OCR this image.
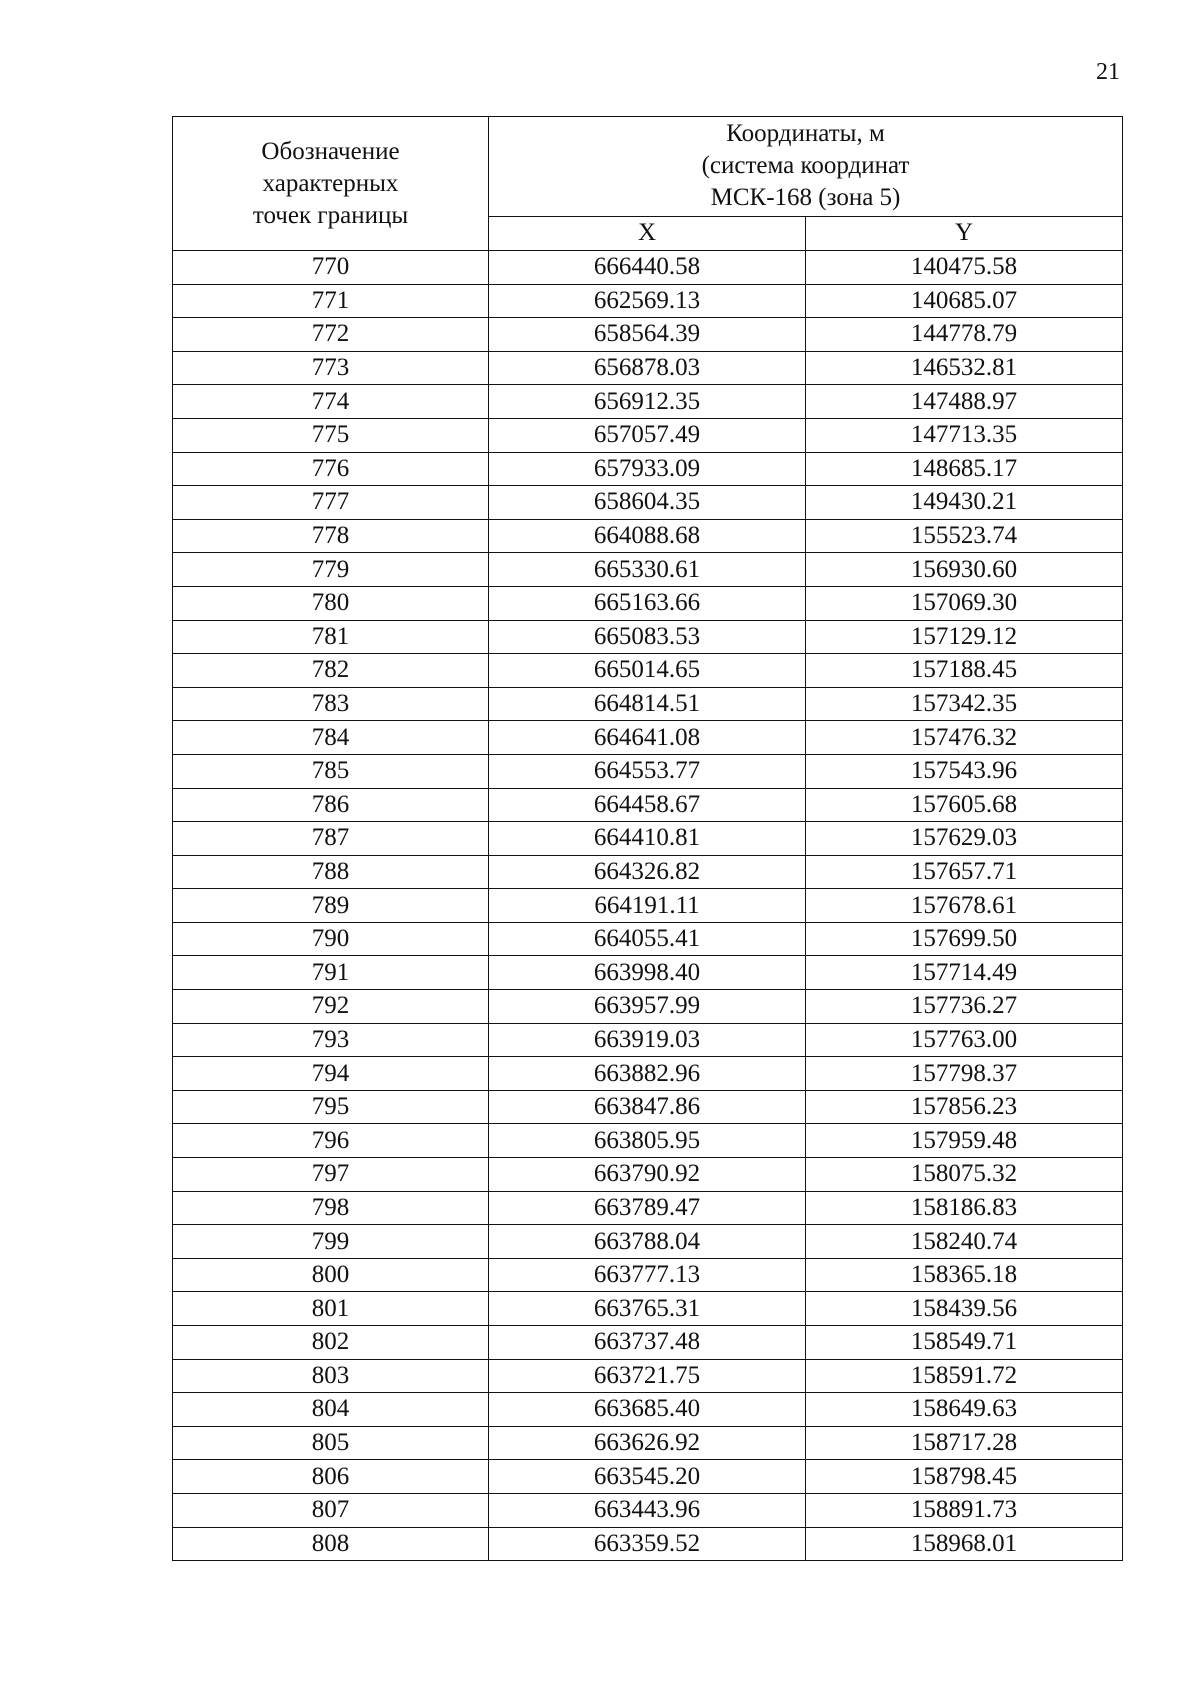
21
Обозначение
характерных
точек границы	Координаты, м
(система координат
МСК-168 (зона 5)	

	X	Y
770	666440.58	140475.58
771	662569.13	140685.07
772	658564.39	144778.79
773	656878.03	146532.81
774	656912.35	147488.97
775	657057.49	147713.35
776	657933.09	148685.17
777	658604.35	149430.21
778	664088.68	155523.74
779	665330.61	156930.60
780	665163.66	157069.30
781	665083.53	157129.12
782	665014.65	157188.45
783	664814.51	157342.35
784	664641.08	157476.32
785	664553.77	157543.96
786	664458.67	157605.68
787	664410.81	157629.03
788	664326.82	157657.71
789	664191.11	157678.61
790	664055.41	157699.50
791	663998.40	157714.49
792	663957.99	157736.27
793	663919.03	157763.00
794	663882.96	157798.37
795	663847.86	157856.23
796	663805.95	157959.48
797	663790.92	158075.32
798	663789.47	158186.83
799	663788.04	158240.74
800	663777.13	158365.18
801	663765.31	158439.56
802	663737.48	158549.71
803	663721.75	158591.72
804	663685.40	158649.63
805	663626.92	158717.28
806	663545.20	158798.45
807	663443.96	158891.73
808	663359.52	158968.01
